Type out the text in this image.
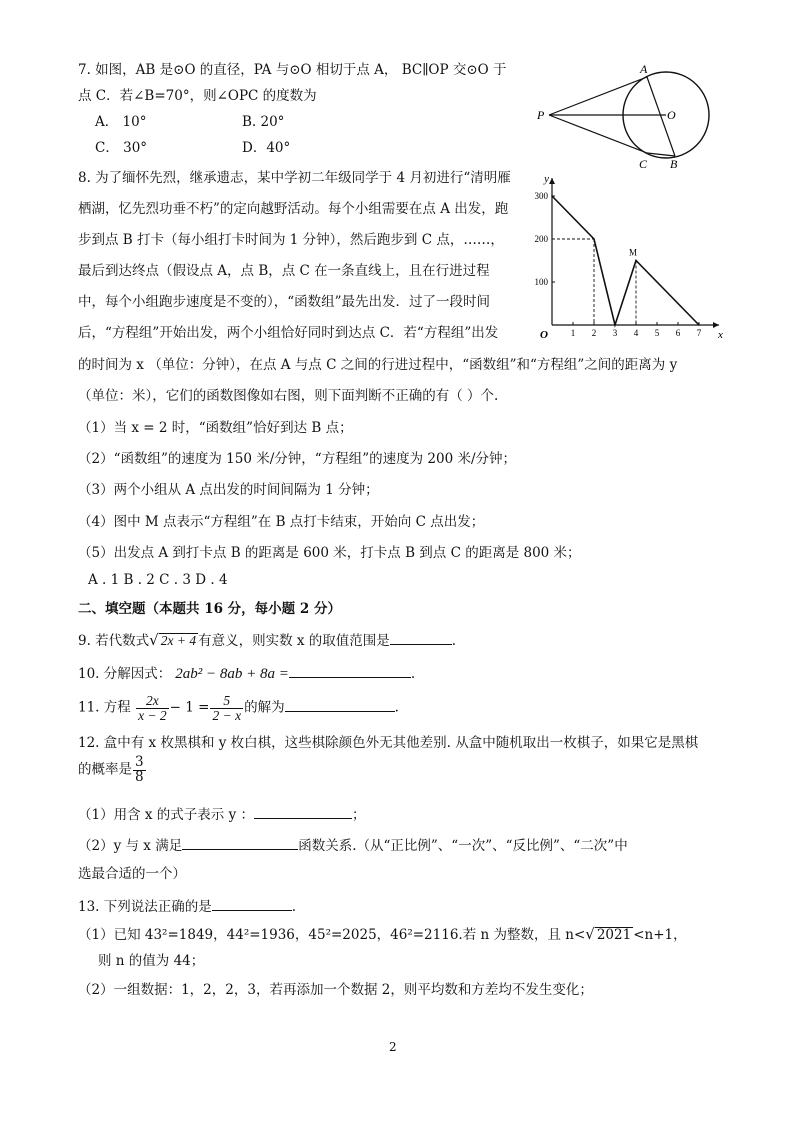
7. 如图，AB 是⊙O 的直径，PA 与⊙O 相切于点 A， BC∥OP 交⊙O 于
点 C．若∠B=70°，则∠OPC 的度数为
A． 10°	B. 20°
C． 30°	D．40°
A
O
P
C B
8. 为了缅怀先烈，继承遗志，某中学初二年级同学于 4 月初进行“清明雁
栖湖，忆先烈功垂不朽”的定向越野活动。每个小组需要在点 A 出发，跑
步到点 B 打卡（每小组打卡时间为 1 分钟），然后跑步到 C 点，……，
最后到达终点（假设点 A，点 B，点 C 在一条直线上，且在行进过程
中，每个小组跑步速度是不变的），“函数组”最先出发．过了一段时间
后，“方程组”开始出发，两个小组恰好同时到达点 C．若“方程组”出发
的时间为 x （单位：分钟），在点 A 与点 C 之间的行进过程中，“函数组”和“方程组”之间的距离为 y
（单位：米），它们的函数图像如右图，则下面判断不正确的有（ ）个.
（1）当 x = 2 时，“函数组”恰好到达 B 点；
（2）“函数组”的速度为 150 米/分钟，“方程组”的速度为 200 米/分钟；
（3）两个小组从 A 点出发的时间间隔为 1 分钟；
（4）图中 M 点表示“方程组”在 B 点打卡结束，开始向 C 点出发；
（5）出发点 A 到打卡点 B 的距离是 600 米，打卡点 B 到点 C 的距离是 800 米；
A . 1 B . 2 C . 3 D . 4
x
y
O	1 2 3 4 5 6 7
100
200
300
M
二、填空题（本题共 16 分，每小题 2 分）
9. 若代数式√ 2x + 4 有意义，则实数 x 的取值范围是	.
10. 分解因式： 2ab² − 8ab + 8a =	.
11. 方程 $\frac{2x}{x - 2} - 1 = \frac{5}{2 - x}$ 的解为	.
12. 盒中有 x 枚黑棋和 y 枚白棋，这些棋除颜色外无其他差别. 从盒中随机取出一枚棋子，如果它是黑棋
的概率是 $\frac{3}{8}$
（1）用含 x 的式子表示 y ：	；
（2）y 与 x 满足	函数关系.（从“正比例”、“一次”、“反比例”、“二次”中
选最合适的一个）
13. 下列说法正确的是	.
（1）已知 43²=1849，44²=1936，45²=2025，46²=2116.若 n 为整数，且 n<√ 2021 <n+1，
则 n 的值为 44；
（2）一组数据：1，2，2，3，若再添加一个数据 2，则平均数和方差均不发生变化；
2
